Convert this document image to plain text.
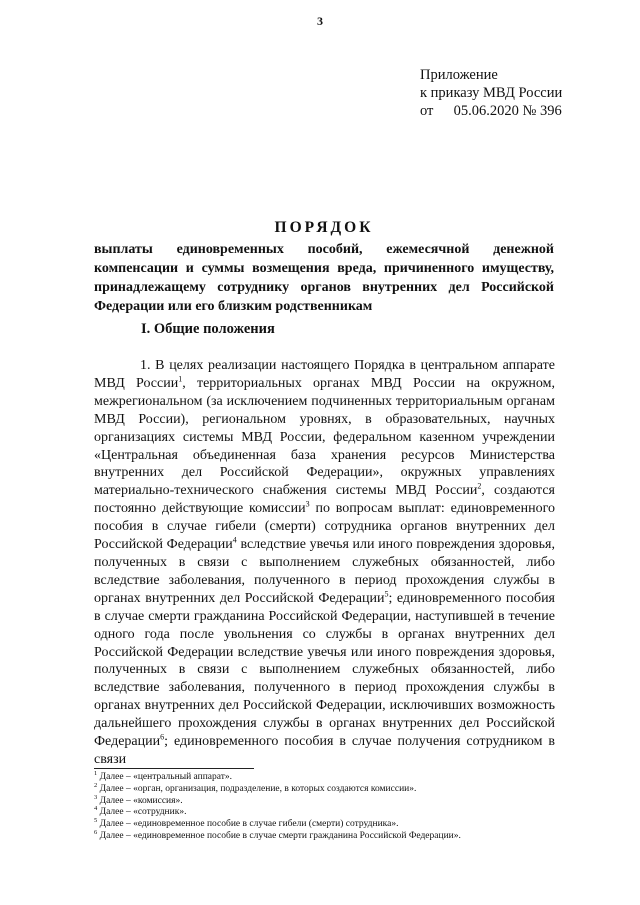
3
Приложение
к приказу МВД России
от 05.06.2020 № 396
ПОРЯДОК

выплаты единовременных пособий, ежемесячной денежной компенсации и суммы возмещения вреда, причиненного имуществу, принадлежащему сотруднику органов внутренних дел Российской Федерации или его близким родственникам

I. Общие положения

1. В целях реализации настоящего Порядка в центральном аппарате МВД России$^1$, территориальных органах МВД России на окружном, межрегиональном (за исключением подчиненных территориальным органам МВД России), региональном уровнях, в образовательных, научных организациях системы МВД России, федеральном казенном учреждении «Центральная объединенная база хранения ресурсов Министерства внутренних дел Российской Федерации», окружных управлениях материально-технического снабжения системы МВД России$^2$, создаются постоянно действующие комиссии$^3$ по вопросам выплат: единовременного пособия в случае гибели (смерти) сотрудника органов внутренних дел Российской Федерации$^4$ вследствие увечья или иного повреждения здоровья, полученных в связи с выполнением служебных обязанностей, либо вследствие заболевания, полученного в период прохождения службы в органах внутренних дел Российской Федерации$^5$; единовременного пособия в случае смерти гражданина Российской Федерации, наступившей в течение одного года после увольнения со службы в органах внутренних дел Российской Федерации вследствие увечья или иного повреждения здоровья, полученных в связи с выполнением служебных обязанностей, либо вследствие заболевания, полученного в период прохождения службы в органах внутренних дел Российской Федерации, исключивших возможность дальнейшего прохождения службы в органах внутренних дел Российской Федерации$^6$; единовременного пособия в случае получения сотрудником в связи

$^1$ Далее – «центральный аппарат».
$^2$ Далее – «орган, организация, подразделение, в которых создаются комиссии».
$^3$ Далее – «комиссия».
$^4$ Далее – «сотрудник».
$^5$ Далее – «единовременное пособие в случае гибели (смерти) сотрудника».
$^6$ Далее – «единовременное пособие в случае смерти гражданина Российской Федерации».
